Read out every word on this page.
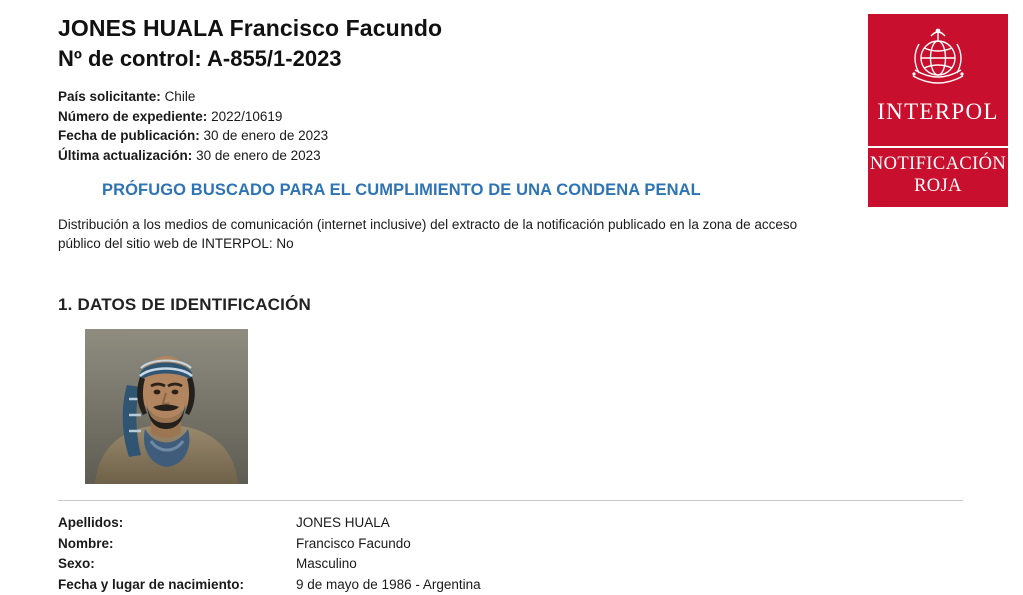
JONES HUALA Francisco Facundo
Nº de control: A-855/1-2023
País solicitante: Chile
Número de expediente: 2022/10619
Fecha de publicación: 30 de enero de 2023
Última actualización: 30 de enero de 2023
PRÓFUGO BUSCADO PARA EL CUMPLIMIENTO DE UNA CONDENA PENAL
Distribución a los medios de comunicación (internet inclusive) del extracto de la notificación publicado en la zona de acceso público del sitio web de INTERPOL: No
INTERPOL
NOTIFICACIÓN
ROJA
1. DATOS DE IDENTIFICACIÓN
Apellidos:	JONES HUALA
Nombre:	Francisco Facundo
Sexo:	Masculino
Fecha y lugar de nacimiento:	9 de mayo de 1986 - Argentina
